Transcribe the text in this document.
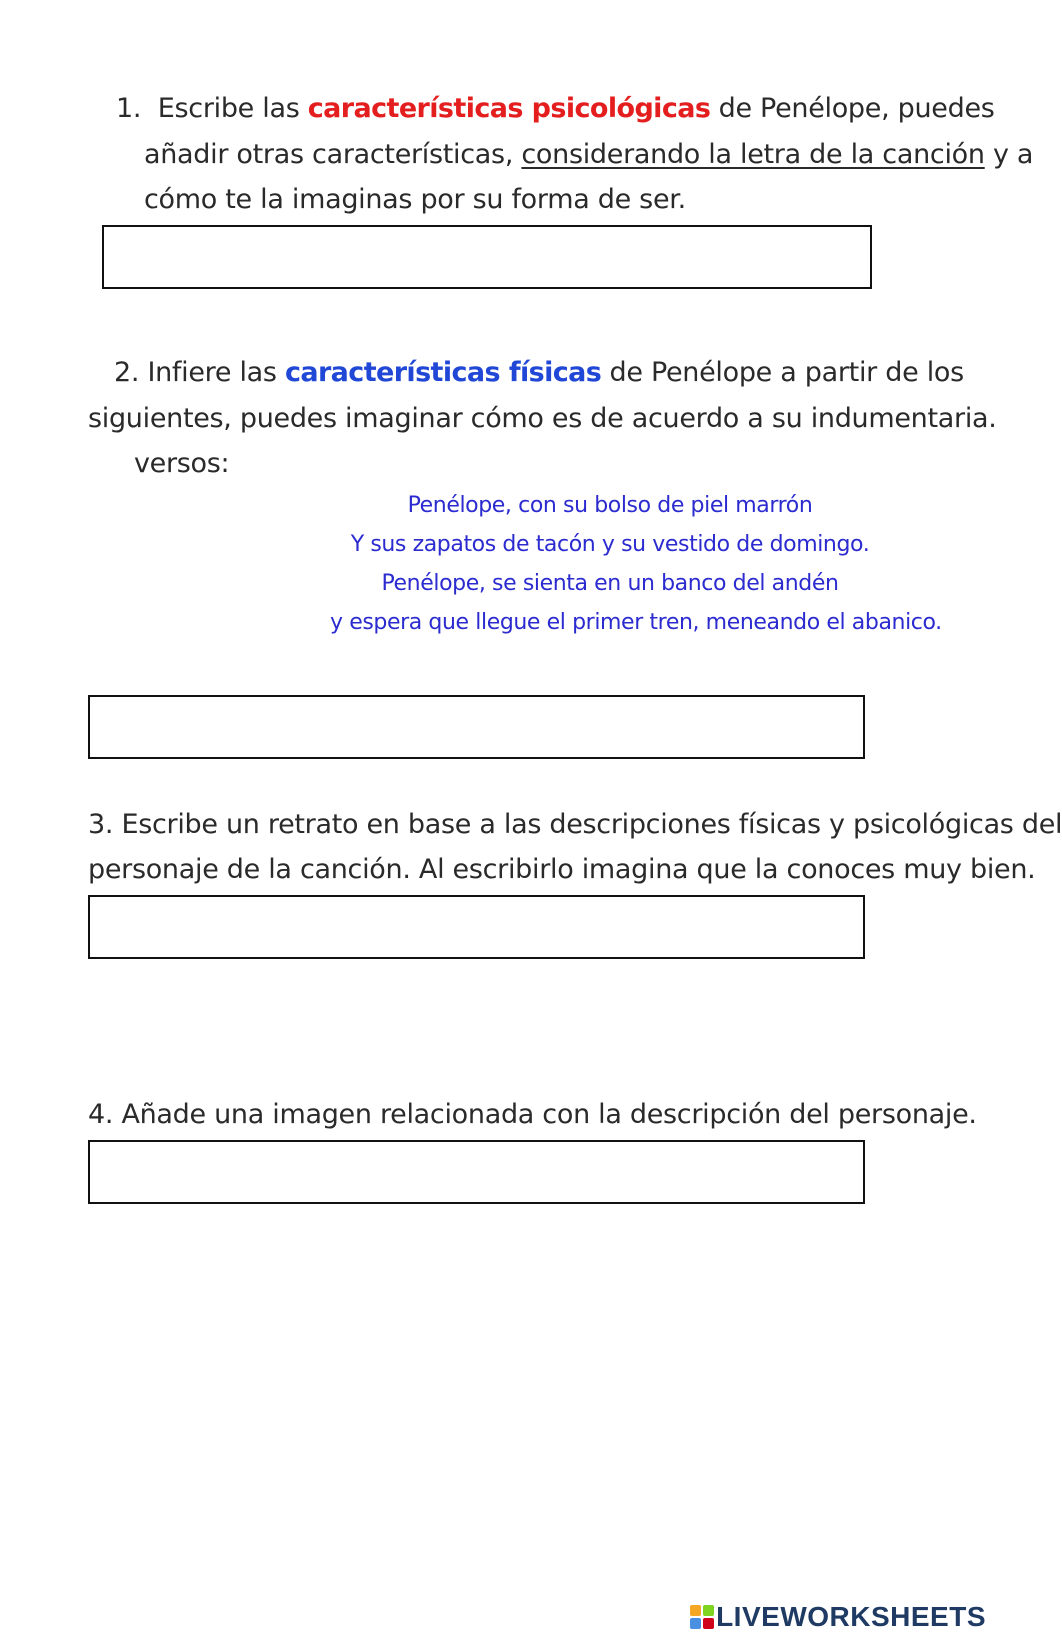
1. Escribe las características psicológicas de Penélope, puedes
añadir otras características, considerando la letra de la canción y a
cómo te la imaginas por su forma de ser.
2. Infiere las características físicas de Penélope a partir de los
siguientes, puedes imaginar cómo es de acuerdo a su indumentaria.
versos:
Penélope, con su bolso de piel marrón
Y sus zapatos de tacón y su vestido de domingo.
Penélope, se sienta en un banco del andén
y espera que llegue el primer tren, meneando el abanico.
3. Escribe un retrato en base a las descripciones físicas y psicológicas del
personaje de la canción. Al escribirlo imagina que la conoces muy bien.
4. Añade una imagen relacionada con la descripción del personaje.
LIVEWORKSHEETS
